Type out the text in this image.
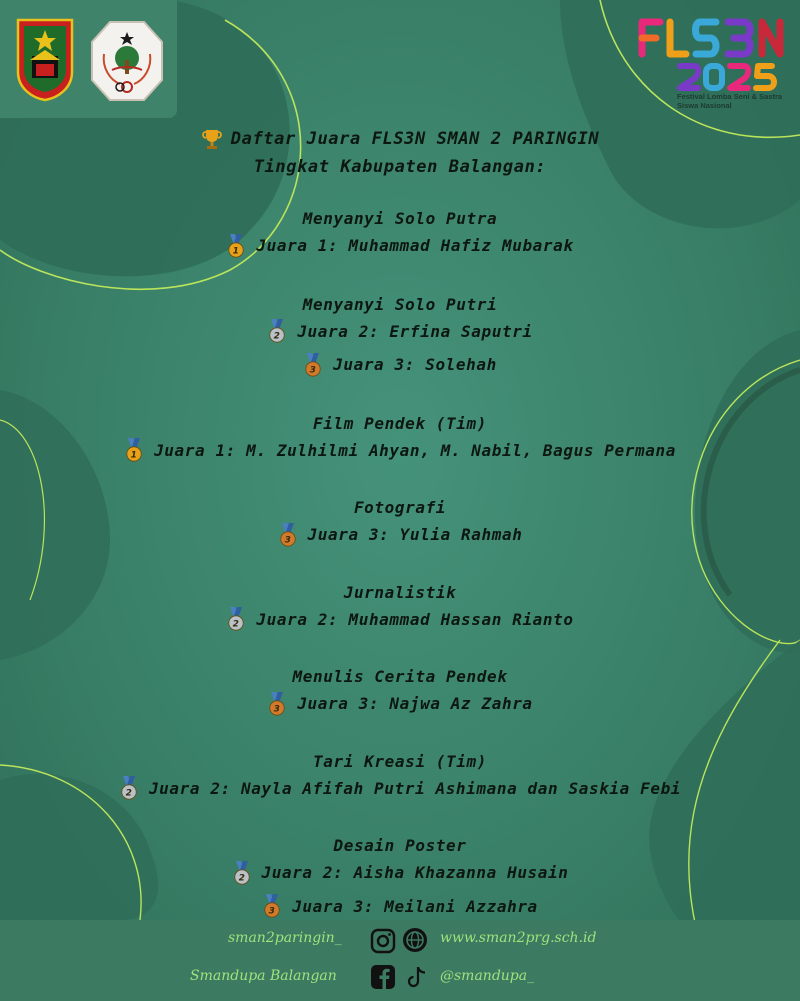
Festival Lomba Seni & Sastra Siswa Nasional
Daftar Juara FLS3N SMAN 2 PARINGIN

Tingkat Kabupaten Balangan:
Menyanyi Solo Putra
1 Juara 1: Muhammad Hafiz Mubarak
Menyanyi Solo Putri
2 Juara 2: Erfina Saputri
3 Juara 3: Solehah
Film Pendek (Tim)
1 Juara 1: M. Zulhilmi Ahyan, M. Nabil, Bagus Permana
Fotografi
3 Juara 3: Yulia Rahmah
Jurnalistik
2 Juara 2: Muhammad Hassan Rianto
Menulis Cerita Pendek
3 Juara 3: Najwa Az Zahra
Tari Kreasi (Tim)
2 Juara 2: Nayla Afifah Putri Ashimana dan Saskia Febi
Desain Poster
2 Juara 2: Aisha Khazanna Husain
3 Juara 3: Meilani Azzahra
sman2paringin_	www.sman2prg.sch.id
Smandupa Balangan	@smandupa_
